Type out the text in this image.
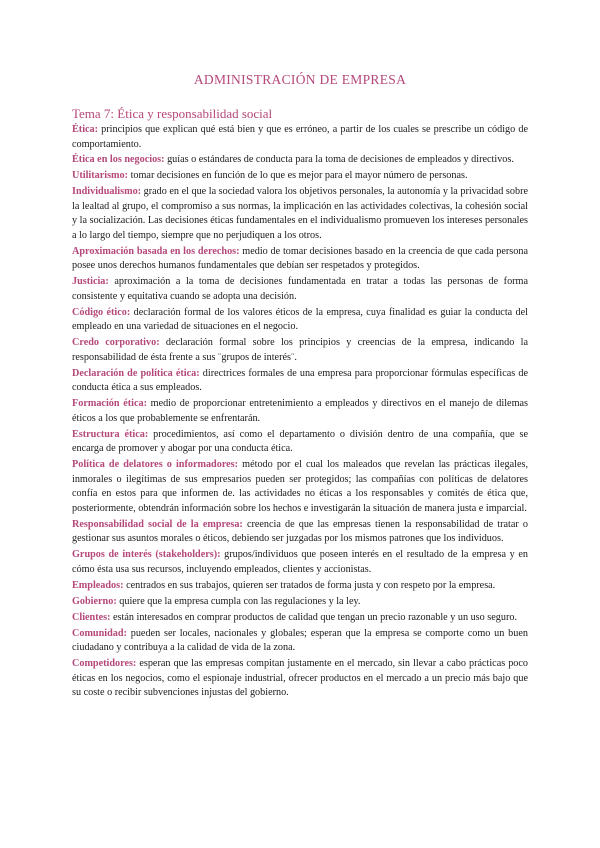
ADMINISTRACIÓN DE EMPRESA
Tema 7: Ética y responsabilidad social

Ética: principios que explican qué está bien y que es erróneo, a partir de los cuales se prescribe un código de comportamiento.

Ética en los negocios: guías o estándares de conducta para la toma de decisiones de empleados y directivos.

Utilitarismo: tomar decisiones en función de lo que es mejor para el mayor número de personas.

Individualismo: grado en el que la sociedad valora los objetivos personales, la autonomía y la privacidad sobre la lealtad al grupo, el compromiso a sus normas, la implicación en las actividades colectivas, la cohesión social y la socialización. Las decisiones éticas fundamentales en el individualismo promueven los intereses personales a lo largo del tiempo, siempre que no perjudiquen a los otros.

Aproximación basada en los derechos: medio de tomar decisiones basado en la creencia de que cada persona posee unos derechos humanos fundamentales que debían ser respetados y protegidos.

Justicia: aproximación a la toma de decisiones fundamentada en tratar a todas las personas de forma consistente y equitativa cuando se adopta una decisión.

Código ético: declaración formal de los valores éticos de la empresa, cuya finalidad es guiar la conducta del empleado en una variedad de situaciones en el negocio.

Credo corporativo: declaración formal sobre los principios y creencias de la empresa, indicando la responsabilidad de ésta frente a sus ¨grupos de interés¨.

Declaración de política ética: directrices formales de una empresa para proporcionar fórmulas específicas de conducta ética a sus empleados.

Formación ética: medio de proporcionar entretenimiento a empleados y directivos en el manejo de dilemas éticos a los que probablemente se enfrentarán.

Estructura ética: procedimientos, así como el departamento o división dentro de una compañía, que se encarga de promover y abogar por una conducta ética.

Política de delatores o informadores: método por el cual los maleados que revelan las prácticas ilegales, inmorales o ilegítimas de sus empresarios pueden ser protegidos; las compañías con políticas de delatores confía en estos para que informen de. las actividades no éticas a los responsables y comités de ética que, posteriormente, obtendrán información sobre los hechos e investigarán la situación de manera justa e imparcial.

Responsabilidad social de la empresa: creencia de que las empresas tienen la responsabilidad de tratar o gestionar sus asuntos morales o éticos, debiendo ser juzgadas por los mismos patrones que los individuos.

Grupos de interés (stakeholders): grupos/individuos que poseen interés en el resultado de la empresa y en cómo ésta usa sus recursos, incluyendo empleados, clientes y accionistas.

Empleados: centrados en sus trabajos, quieren ser tratados de forma justa y con respeto por la empresa.

Gobierno: quiere que la empresa cumpla con las regulaciones y la ley.

Clientes: están interesados en comprar productos de calidad que tengan un precio razonable y un uso seguro.

Comunidad: pueden ser locales, nacionales y globales; esperan que la empresa se comporte como un buen ciudadano y contribuya a la calidad de vida de la zona.

Competidores: esperan que las empresas compitan justamente en el mercado, sin llevar a cabo prácticas poco éticas en los negocios, como el espionaje industrial, ofrecer productos en el mercado a un precio más bajo que su coste o recibir subvenciones injustas del gobierno.
